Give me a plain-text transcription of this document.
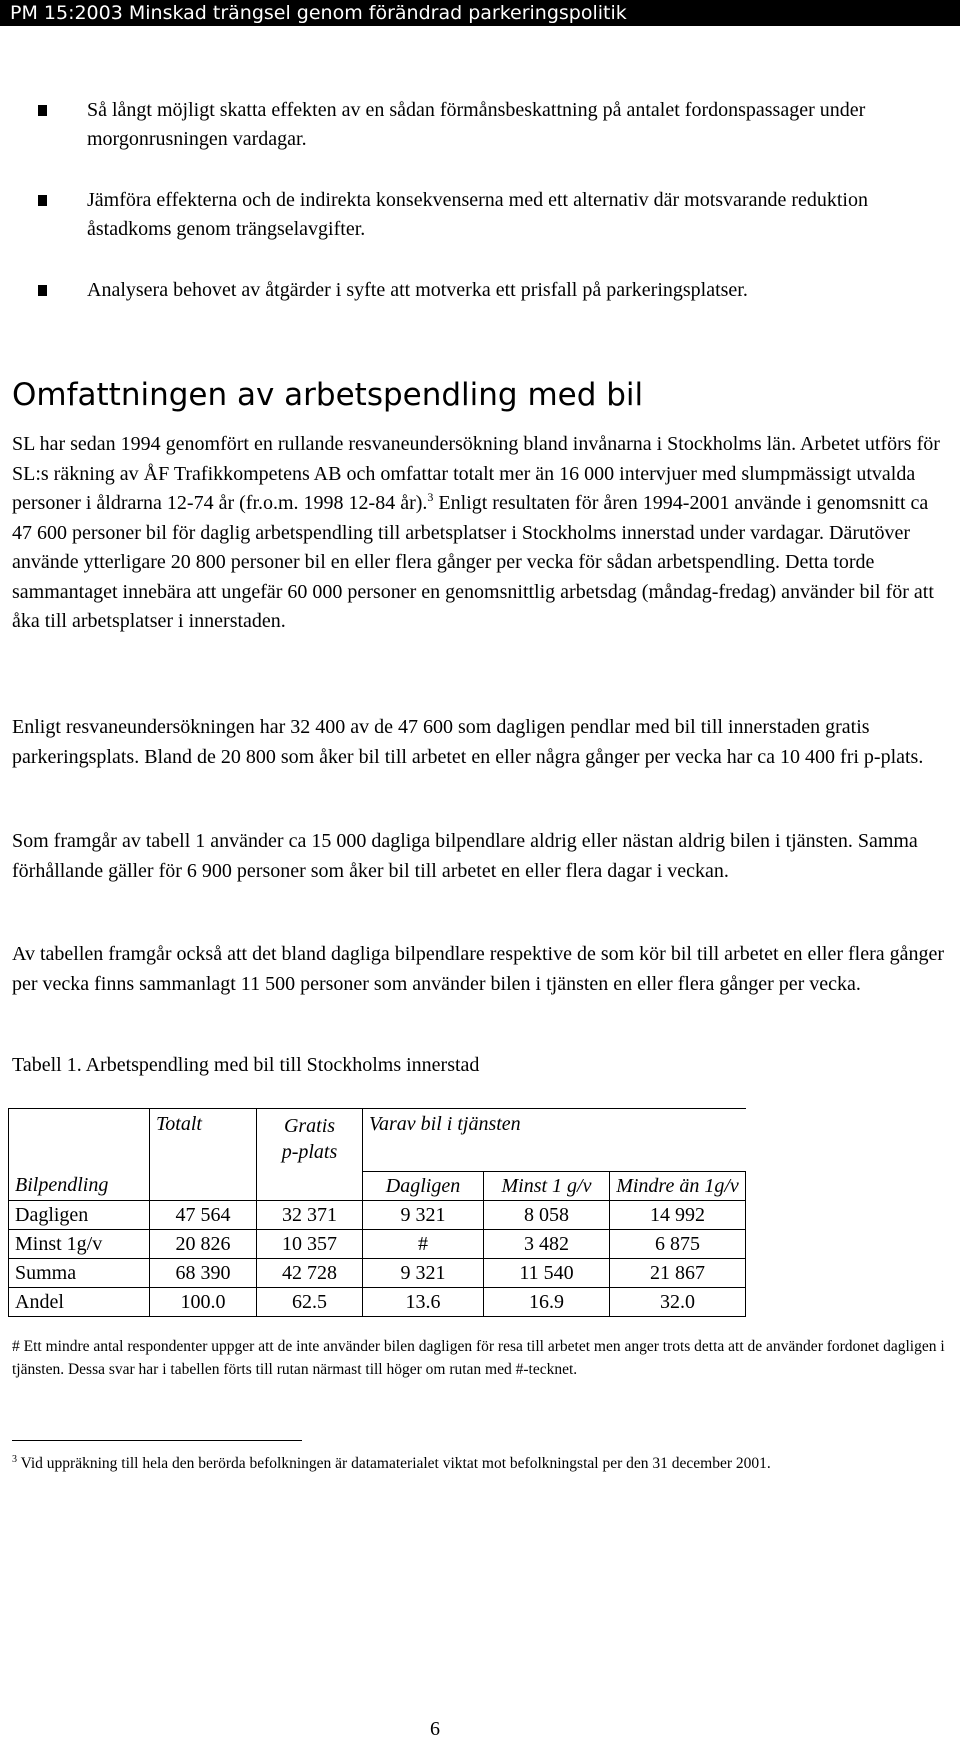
PM 15:2003 Minskad trängsel genom förändrad parkeringspolitik
Så långt möjligt skatta effekten av en sådan förmånsbeskattning på antalet fordonspassager under morgonrusningen vardagar.
Jämföra effekterna och de indirekta konsekvenserna med ett alternativ där motsvarande reduktion åstadkoms genom trängselavgifter.
Analysera behovet av åtgärder i syfte att motverka ett prisfall på parkeringsplatser.
Omfattningen av arbetspendling med bil

SL har sedan 1994 genomfört en rullande resvaneundersökning bland invånarna i Stockholms län. Arbetet utförs för SL:s räkning av ÅF Trafikkompetens AB och omfattar totalt mer än 16 000 intervjuer med slumpmässigt utvalda personer i åldrarna 12-74 år (fr.o.m. 1998 12-84 år).$^3$ Enligt resultaten för åren 1994-2001 använde i genomsnitt ca 47 600 personer bil för daglig arbetspendling till arbetsplatser i Stockholms innerstad under vardagar. Därutöver använde ytterligare 20 800 personer bil en eller flera gånger per vecka för sådan arbetspendling. Detta torde sammantaget innebära att ungefär 60 000 personer en genomsnittlig arbetsdag (måndag-fredag) använder bil för att åka till arbetsplatser i innerstaden.

Enligt resvaneundersökningen har 32 400 av de 47 600 som dagligen pendlar med bil till innerstaden gratis parkeringsplats. Bland de 20 800 som åker bil till arbetet en eller några gånger per vecka har ca 10 400 fri p-plats.

Som framgår av tabell 1 använder ca 15 000 dagliga bilpendlare aldrig eller nästan aldrig bilen i tjänsten. Samma förhållande gäller för 6 900 personer som åker bil till arbetet en eller flera dagar i veckan.

Av tabellen framgår också att det bland dagliga bilpendlare respektive de som kör bil till arbetet en eller flera gånger per vecka finns sammanlagt 11 500 personer som använder bilen i tjänsten en eller flera gånger per vecka.

Tabell 1. Arbetspendling med bil till Stockholms innerstad

	Totalt	Gratis
p-plats	Varav bil i tjänsten		
Bilpendling			Dagligen	Minst 1 g/v	Mindre än 1g/v
Dagligen	47 564	32 371	9 321	8 058	14 992
Minst 1g/v	20 826	10 357	#	3 482	6 875
Summa	68 390	42 728	9 321	11 540	21 867
Andel	100.0	62.5	13.6	16.9	32.0

# Ett mindre antal respondenter uppger att de inte använder bilen dagligen för resa till arbetet men anger trots detta att de använder fordonet dagligen i tjänsten. Dessa svar har i tabellen förts till rutan närmast till höger om rutan med #-tecknet.

$^3$ Vid uppräkning till hela den berörda befolkningen är datamaterialet viktat mot befolkningstal per den 31 december 2001.

6
